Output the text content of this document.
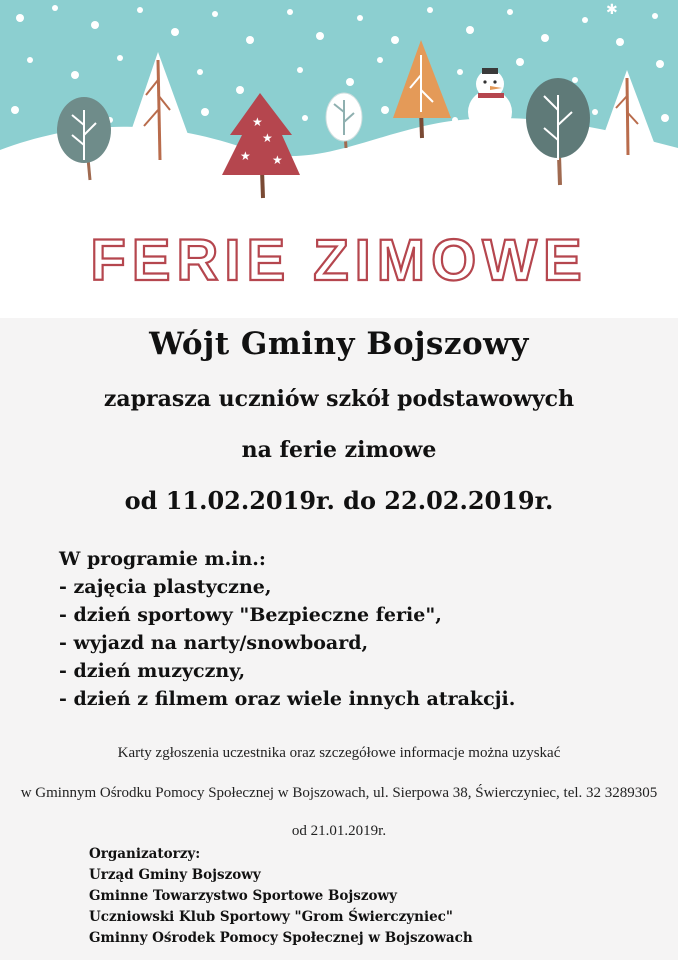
★
★
★ ★
✱
FERIE ZIMOWE
Wójt Gminy Bojszowy
zaprasza uczniów szkół podstawowych
na ferie zimowe
od 11.02.2019r. do 22.02.2019r.
W programie m.in.:
- zajęcia plastyczne,
- dzień sportowy "Bezpieczne ferie",
- wyjazd na narty/snowboard,
- dzień muzyczny,
- dzień z filmem oraz wiele innych atrakcji.
Karty zgłoszenia uczestnika oraz szczegółowe informacje można uzyskać
w Gminnym Ośrodku Pomocy Społecznej w Bojszowach, ul. Sierpowa 38, Świerczyniec, tel. 32 3289305
od 21.01.2019r.
Organizatorzy:
Urząd Gminy Bojszowy
Gminne Towarzystwo Sportowe Bojszowy
Uczniowski Klub Sportowy "Grom Świerczyniec"
Gminny Ośrodek Pomocy Społecznej w Bojszowach
